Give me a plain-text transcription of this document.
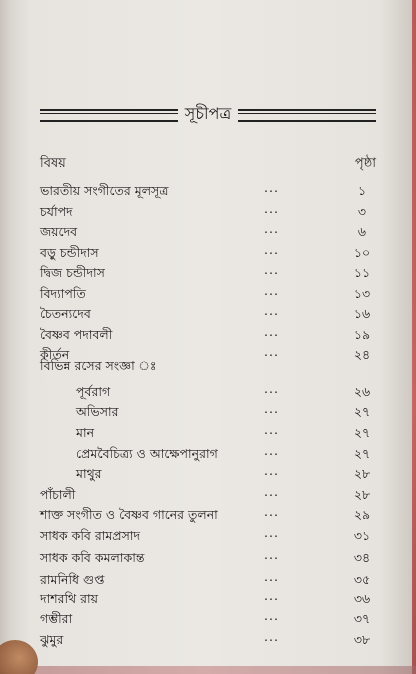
সূচীপত্র
বিষয়	পৃষ্ঠা
ভারতীয় সংগীতের মূলসূত্র	...	১
চর্যাপদ	...	৩
জয়দেব	...	৬
বড়ু চন্ডীদাস	...	১০
দ্বিজ চন্ডীদাস	...	১১
বিদ্যাপতি	...	১৩
চৈতন্যদেব	...	১৬
বৈষ্ণব পদাবলী	...	১৯
কীর্তন	...	২৪
বিভিন্ন রসের সংজ্ঞা ঃ
পূর্বরাগ	...	২৬
অভিসার	...	২৭
মান	...	২৭
প্রেমবৈচিত্র্য ও আক্ষেপানুরাগ	...	২৭
মাথুর	...	২৮
পাঁচালী	...	২৮
শাক্ত সংগীত ও বৈষ্ণব গানের তুলনা	...	২৯
সাধক কবি রামপ্রসাদ	...	৩১
সাধক কবি কমলাকান্ত	...	৩৪
রামনিধি গুপ্ত	...	৩৫
দাশরথি রায়	...	৩৬
গম্ভীরা	...	৩৭
ঝুমুর	...	৩৮
